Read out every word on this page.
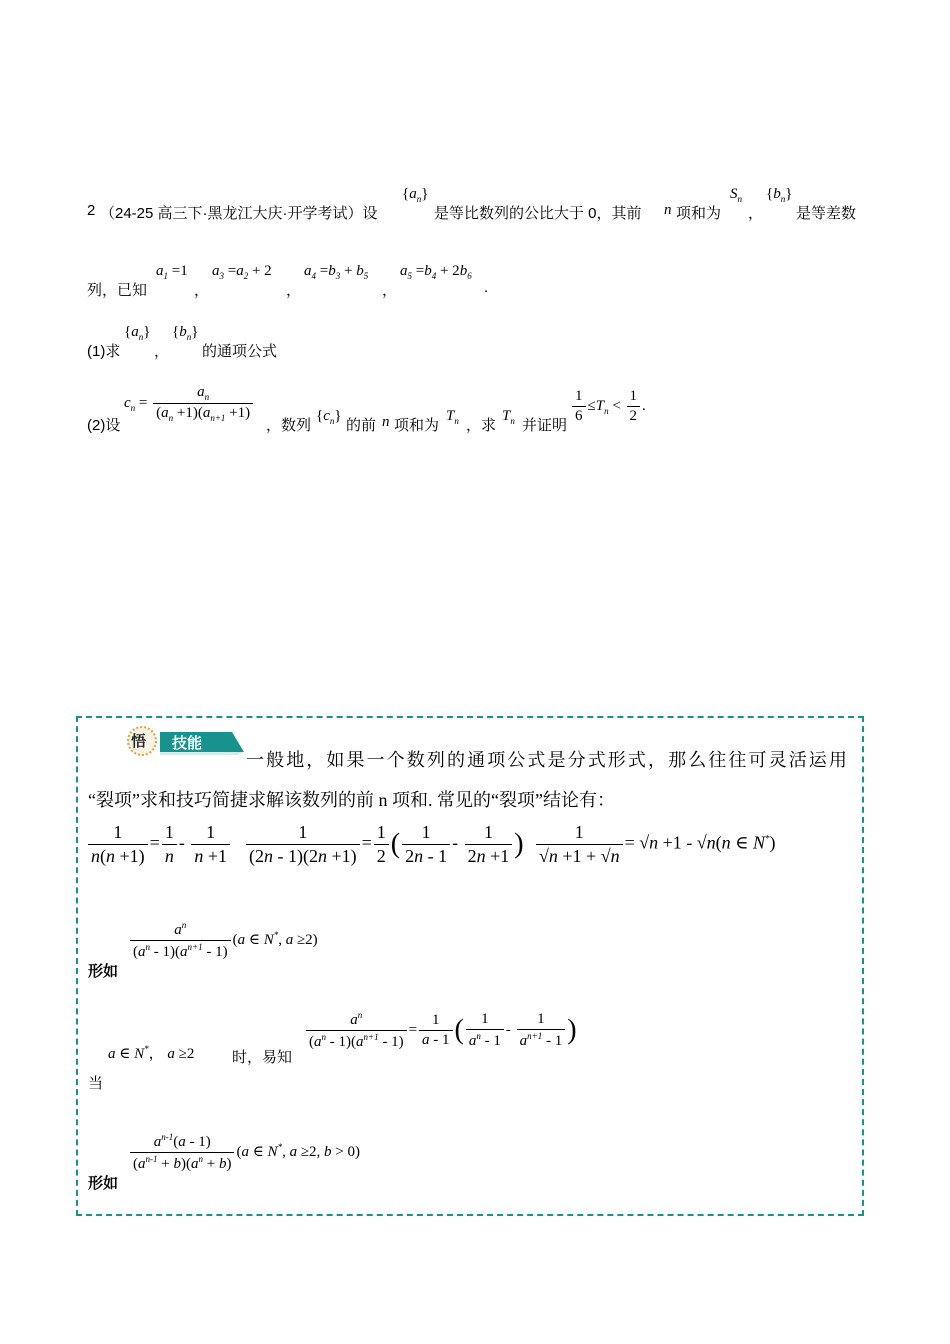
2 （24-25 高三下·黑龙江大庆·开学考试）设
$\{a_n\}$
是等比数列的公比大于 0，其前 n 项和为
$S_n$
，
$\{b_n\}$
是等差数
列，已知
$a_1 =1$
，
$a_3 =a_2 + 2$
，
$a_4 =b_3 + b_5$
，
$a_5 =b_4 + 2b_6$
.
(1)求
$\{a_n\}$
，
$\{b_n\}$
的通项公式
(2)设
$c_n = \frac{a_n}{(a_n +1)(a_{n+1} +1)}$
，数列
$\{c_n\}$
的前 n 项和为
$T_n$ ，求
$T_n$ 并证明
$\frac{1}{6} \le T_n < \frac{1}{2}$ .
悟 技能
一般地，如果一个数列的通项公式是分式形式，那么往往可灵活运用
“裂项”求和技巧简捷求解该数列的前 n 项和. 常见的“裂项”结论有：
$\frac{1}{n(n +1)} = \frac{1}{n} - \frac{1}{n +1} \frac{1}{(2n - 1)(2n +1)} = \frac{1}{2}$ ( $\frac{1}{2n - 1} - \frac{1}{2n +1}$ ) $\frac{1}{√n +1 + √n} = √n +1 - √n(n$ ∈ N*)
形如
$\frac{a^n}{(a^n - 1)(a^{n+1} - 1)} (a$ ∈ N*, a ≥2)
a ∈ N*， a ≥2	时，易知
当
$\frac{a^n}{(a^n - 1)(a^{n+1} - 1)} = \frac{1}{a - 1}$ ( $\frac{1}{a^n - 1} - \frac{1}{a^{n+1} - 1}$ )
形如
$\frac{a^{n-1}(a - 1)}{(a^{n-1} + b)(a^n + b)} (a$ ∈ N*, a ≥2, b > 0)
